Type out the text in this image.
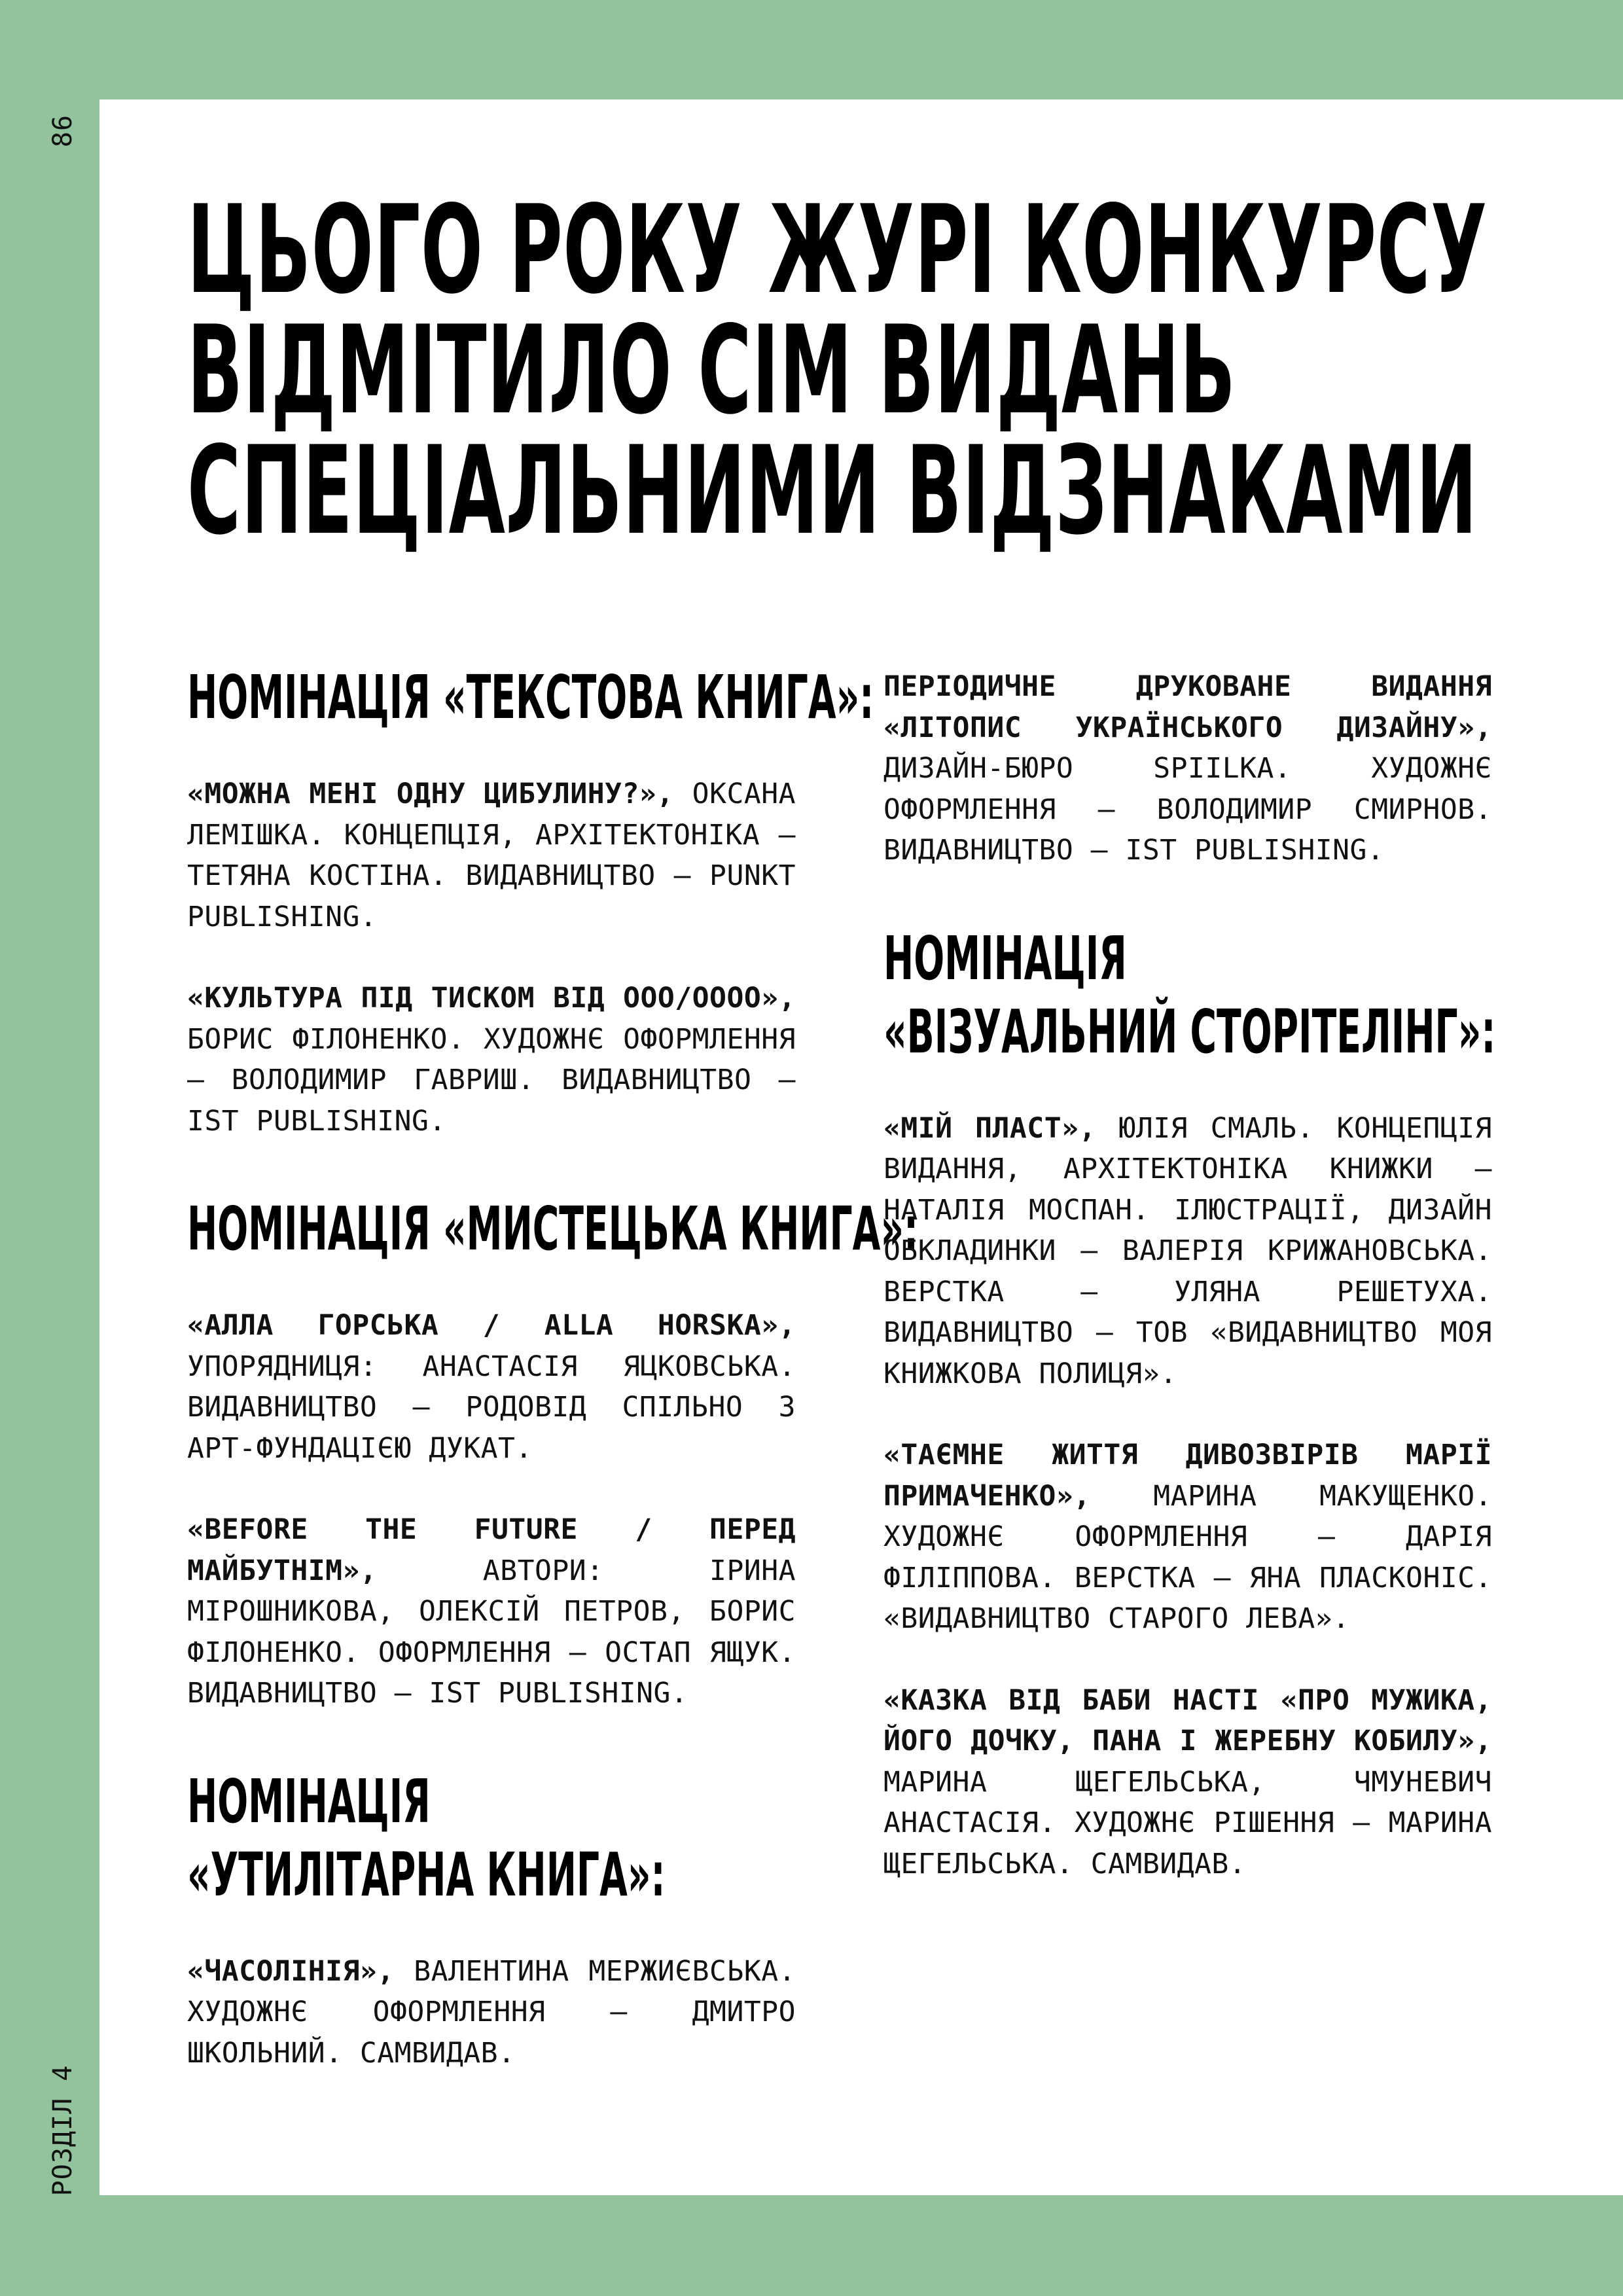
86
РОЗДІЛ 4
ЦЬОГО РОКУ ЖУРІ КОНКУРСУ
ВІДМІТИЛО СІМ ВИДАНЬ
СПЕЦІАЛЬНИМИ ВІДЗНАКАМИ
НОМІНАЦІЯ «ТЕКСТОВА КНИГА»:

«МОЖНА МЕНІ ОДНУ ЦИБУЛИНУ?», ОКСАНА ЛЕМІШКА. КОНЦЕПЦІЯ, АРХІТЕКТОНІКА — ТЕТЯНА КОСТІНА. ВИДАВНИЦТВО — PUNKT PUBLISHING.

«КУЛЬТУРА ПІД ТИСКОМ ВІД ООО/ОООО», БОРИС ФІЛОНЕНКО. ХУДОЖНЄ ОФОРМЛЕННЯ — ВОЛОДИМИР ГАВРИШ. ВИДАВНИЦТВО — IST PUBLISHING.

НОМІНАЦІЯ «МИСТЕЦЬКА КНИГА»:

«АЛЛА ГОРСЬКА / ALLA HORSKA», УПОРЯДНИЦЯ: АНАСТАСІЯ ЯЦКОВСЬКА. ВИДАВНИЦТВО — РОДОВІД СПІЛЬНО З АРТ-ФУНДАЦІЄЮ ДУКАТ.

«BEFORE THE FUTURE / ПЕРЕД МАЙБУТНІМ», АВТОРИ: ІРИНА МІРОШНИКОВА, ОЛЕКСІЙ ПЕТРОВ, БОРИС ФІЛОНЕНКО. ОФОРМЛЕННЯ — ОСТАП ЯЩУК. ВИДАВНИЦТВО — IST PUBLISHING.

НОМІНАЦІЯ
«УТИЛІТАРНА КНИГА»:

«ЧАСОЛІНІЯ», ВАЛЕНТИНА МЕРЖИЄВСЬКА. ХУДОЖНЄ ОФОРМЛЕННЯ — ДМИТРО ШКОЛЬНИЙ. САМВИДАВ.

ПЕРІОДИЧНЕ ДРУКОВАНЕ ВИДАННЯ «ЛІТОПИС УКРАЇНСЬКОГО ДИЗАЙНУ», ДИЗАЙН-БЮРО SPIILKA. ХУДОЖНЄ ОФОРМЛЕННЯ — ВОЛОДИМИР СМИРНОВ. ВИДАВНИЦТВО — IST PUBLISHING.

НОМІНАЦІЯ
«ВІЗУАЛЬНИЙ СТОРІТЕЛІНГ»:

«МІЙ ПЛАСТ», ЮЛІЯ СМАЛЬ. КОНЦЕПЦІЯ ВИДАННЯ, АРХІТЕКТОНІКА КНИЖКИ — НАТАЛІЯ МОСПАН. ІЛЮСТРАЦІЇ, ДИЗАЙН ОБКЛАДИНКИ — ВАЛЕРІЯ КРИЖАНОВСЬКА. ВЕРСТКА — УЛЯНА РЕШЕТУХА. ВИДАВНИЦТВО — ТОВ «ВИДАВНИЦТВО МОЯ КНИЖКОВА ПОЛИЦЯ».

«ТАЄМНЕ ЖИТТЯ ДИВОЗВІРІВ МАРІЇ ПРИМАЧЕНКО», МАРИНА МАКУЩЕНКО. ХУДОЖНЄ ОФОРМЛЕННЯ — ДАРІЯ ФІЛІППОВА. ВЕРСТКА — ЯНА ПЛАСКОНІС. «ВИДАВНИЦТВО СТАРОГО ЛЕВА».

«КАЗКА ВІД БАБИ НАСТІ «ПРО МУЖИКА, ЙОГО ДОЧКУ, ПАНА І ЖЕРЕБНУ КОБИЛУ», МАРИНА ЩЕГЕЛЬСЬКА, ЧМУНЕВИЧ АНАСТАСІЯ. ХУДОЖНЄ РІШЕННЯ — МАРИНА ЩЕГЕЛЬСЬКА. САМВИДАВ.
